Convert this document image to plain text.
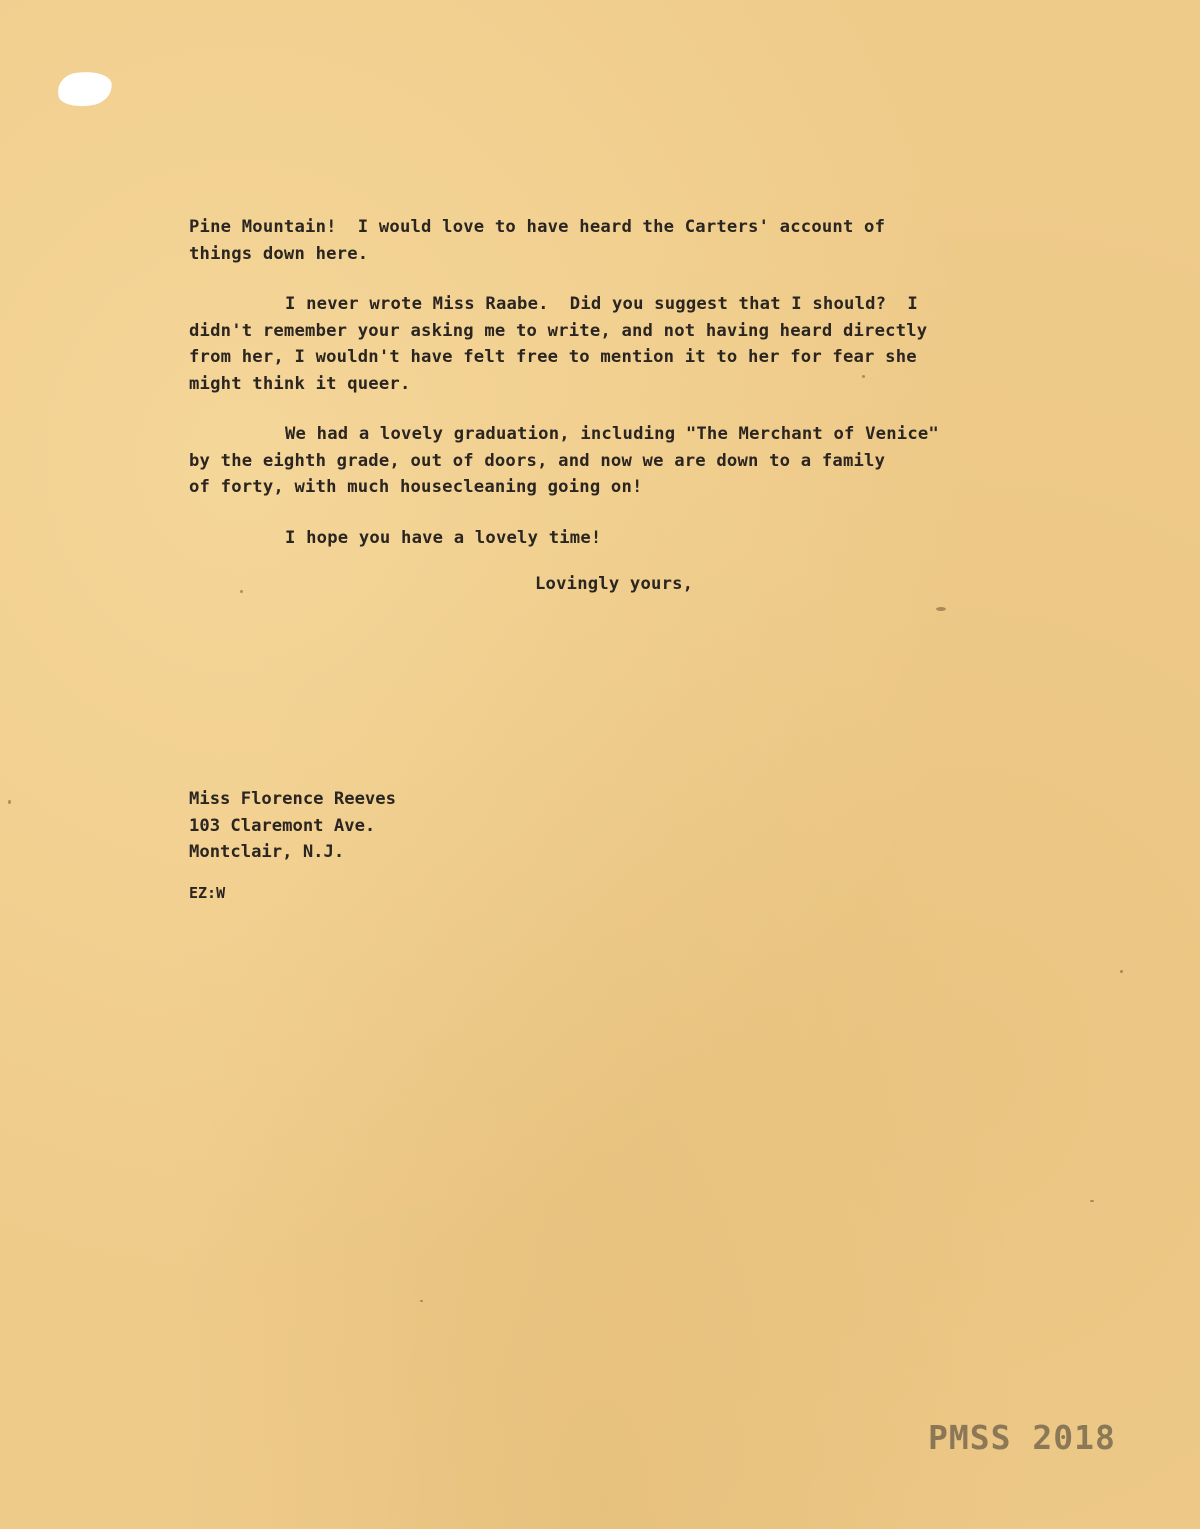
Pine Mountain!  I would love to have heard the Carters' account of
things down here.
I never wrote Miss Raabe.  Did you suggest that I should?  I
didn't remember your asking me to write, and not having heard directly
from her, I wouldn't have felt free to mention it to her for fear she
might think it queer.
We had a lovely graduation, including "The Merchant of Venice"
by the eighth grade, out of doors, and now we are down to a family
of forty, with much housecleaning going on!
I hope you have a lovely time!
Lovingly yours,
Miss Florence Reeves
103 Claremont Ave.
Montclair, N.J.
EZ:W
PMSS 2018
